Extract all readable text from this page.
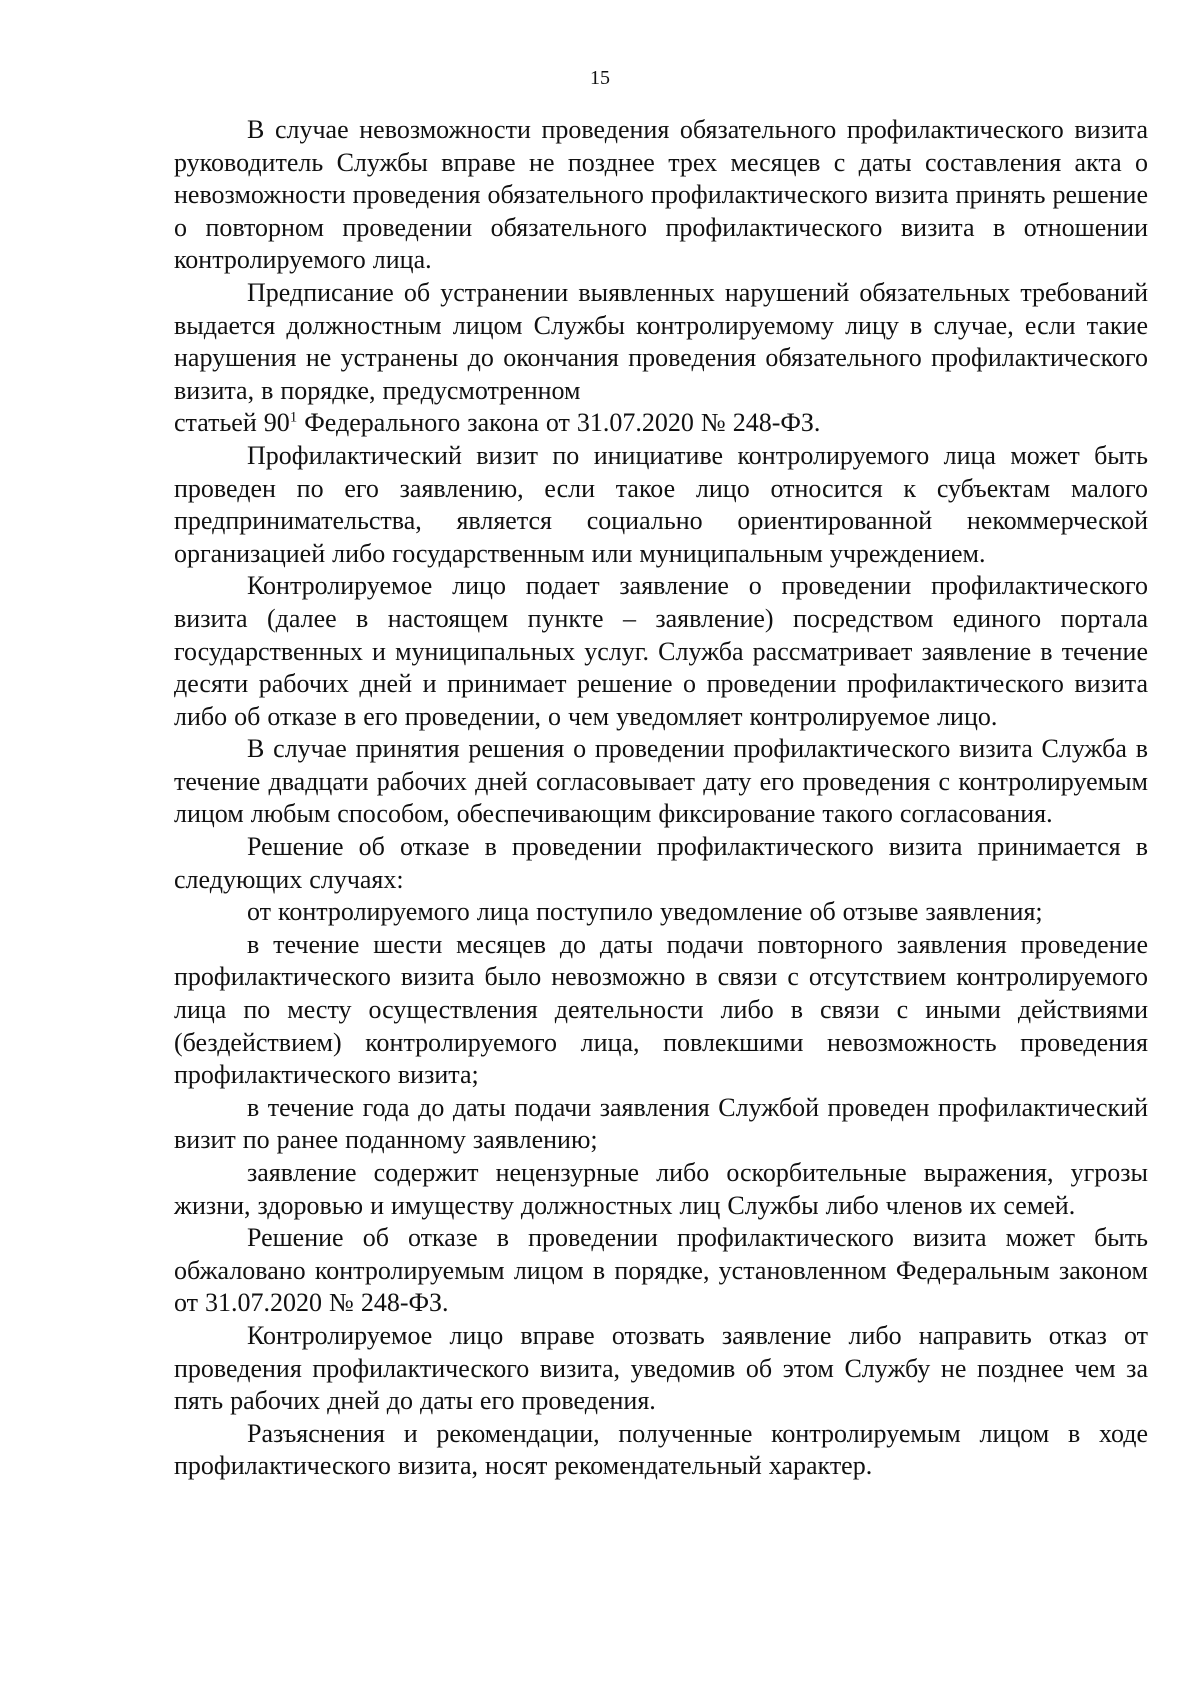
15

В случае невозможности проведения обязательного профилактического визита руководитель Службы вправе не позднее трех месяцев с даты составления акта о невозможности проведения обязательного профилактического визита принять решение о повторном проведении обязательного профилактического визита в отношении контролируемого лица.

Предписание об устранении выявленных нарушений обязательных требований выдается должностным лицом Службы контролируемому лицу в случае, если такие нарушения не устранены до окончания проведения обязательного профилактического визита, в порядке, предусмотренном
статьей $90^1$ Федерального закона от 31.07.2020 № 248-ФЗ.

Профилактический визит по инициативе контролируемого лица может быть проведен по его заявлению, если такое лицо относится к субъектам малого предпринимательства, является социально ориентированной некоммерческой организацией либо государственным или муниципальным учреждением.

Контролируемое лицо подает заявление о проведении профилактического визита (далее в настоящем пункте – заявление) посредством единого портала государственных и муниципальных услуг. Служба рассматривает заявление в течение десяти рабочих дней и принимает решение о проведении профилактического визита либо об отказе в его проведении, о чем уведомляет контролируемое лицо.

В случае принятия решения о проведении профилактического визита Служба в течение двадцати рабочих дней согласовывает дату его проведения с контролируемым лицом любым способом, обеспечивающим фиксирование такого согласования.

Решение об отказе в проведении профилактического визита принимается в следующих случаях:

от контролируемого лица поступило уведомление об отзыве заявления;

в течение шести месяцев до даты подачи повторного заявления проведение профилактического визита было невозможно в связи с отсутствием контролируемого лица по месту осуществления деятельности либо в связи с иными действиями (бездействием) контролируемого лица, повлекшими невозможность проведения профилактического визита;

в течение года до даты подачи заявления Службой проведен профилактический визит по ранее поданному заявлению;

заявление содержит нецензурные либо оскорбительные выражения, угрозы жизни, здоровью и имуществу должностных лиц Службы либо членов их семей.

Решение об отказе в проведении профилактического визита может быть обжаловано контролируемым лицом в порядке, установленном Федеральным законом от 31.07.2020 № 248-ФЗ.

Контролируемое лицо вправе отозвать заявление либо направить отказ от проведения профилактического визита, уведомив об этом Службу не позднее чем за пять рабочих дней до даты его проведения.

Разъяснения и рекомендации, полученные контролируемым лицом в ходе профилактического визита, носят рекомендательный характер.
